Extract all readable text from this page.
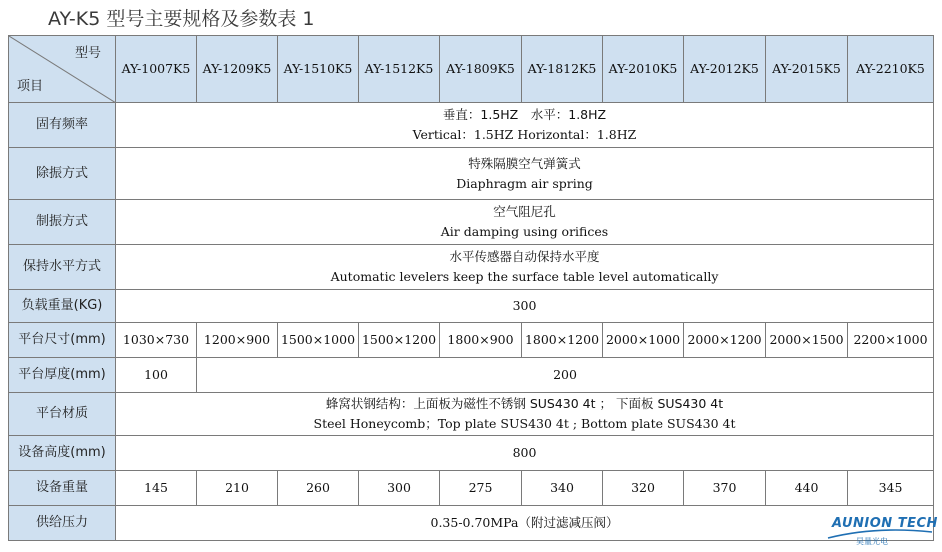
AY-K5 型号主要规格及参数表 1
型号
项目	AY-1007K5	AY-1209K5	AY-1510K5	AY-1512K5	AY-1809K5	AY-1812K5	AY-2010K5	AY-2012K5	AY-2015K5	AY-2210K5
固有频率	垂直：1.5HZ　水平：1.8HZ
Vertical：1.5HZ Horizontal：1.8HZ									

除振方式	特殊隔膜空气弹簧式
Diaphragm air spring									

制振方式	空气阻尼孔
Air damping using orifices									

保持水平方式	水平传感器自动保持水平度
Automatic levelers keep the surface table level automatically									

负载重量(KG)	300									
平台尺寸(mm)	1030×730	1200×900	1500×1000	1500×1200	1800×900	1800×1200	2000×1000	2000×1200	2000×1500	2200×1000
平台厚度(mm)	100	200								
平台材质	蜂窝状钢结构：上面板为磁性不锈钢 SUS430 4t ； 下面板 SUS430 4t
Steel Honeycomb；Top plate SUS430 4t ; Bottom plate SUS430 4t									

设备高度(mm)	800									
设备重量	145	210	260	300	275	340	320	370	440	345
供给压力	0.35-0.70MPa（附过滤减压阀）										AUNION TECH
昊量光电
